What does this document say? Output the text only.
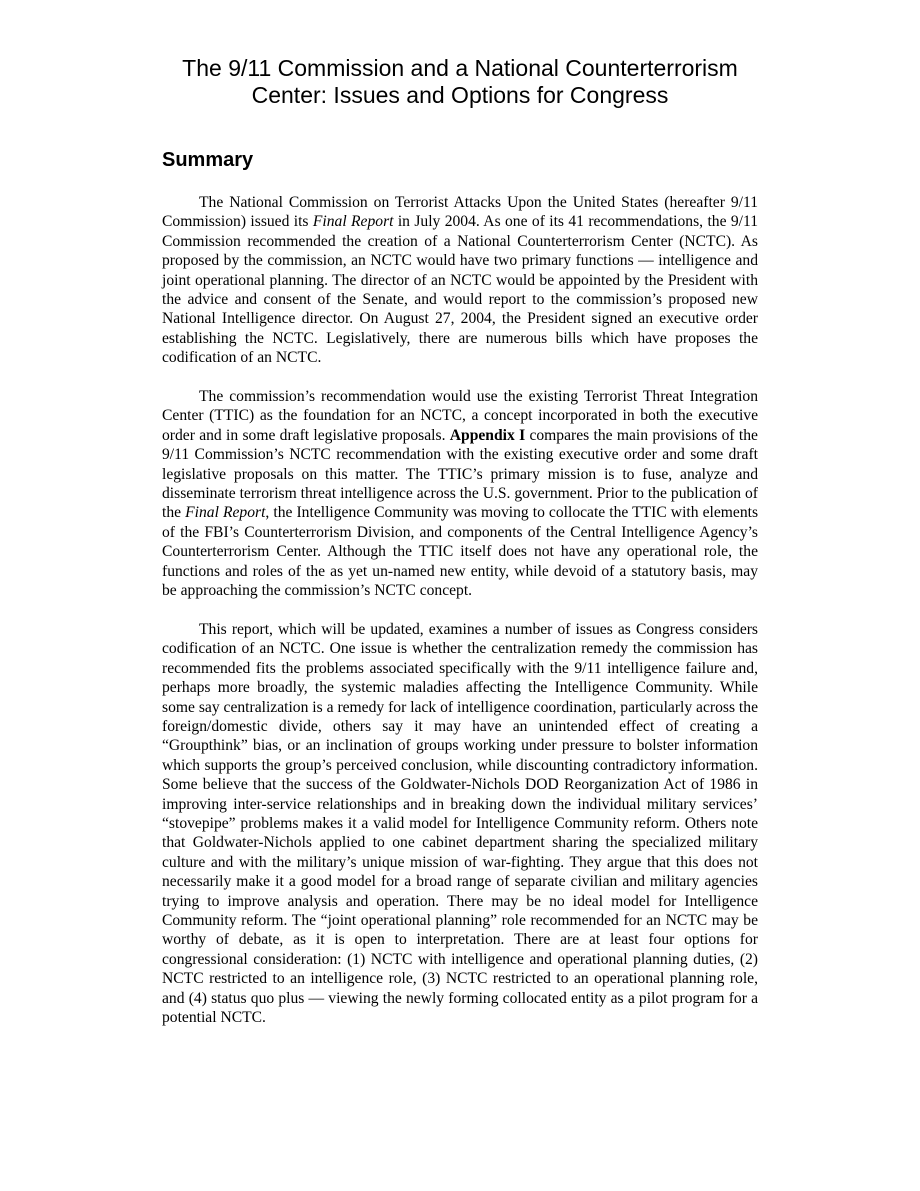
The 9/11 Commission and a National Counterterrorism
Center: Issues and Options for Congress
Summary

The National Commission on Terrorist Attacks Upon the United States (hereafter 9/11 Commission) issued its Final Report in July 2004. As one of its 41 recommendations, the 9/11 Commission recommended the creation of a National Counterterrorism Center (NCTC). As proposed by the commission, an NCTC would have two primary functions — intelligence and joint operational planning. The director of an NCTC would be appointed by the President with the advice and consent of the Senate, and would report to the commission’s proposed new National Intelligence director. On August 27, 2004, the President signed an executive order establishing the NCTC. Legislatively, there are numerous bills which have proposes the codification of an NCTC.

The commission’s recommendation would use the existing Terrorist Threat Integration Center (TTIC) as the foundation for an NCTC, a concept incorporated in both the executive order and in some draft legislative proposals. Appendix I compares the main provisions of the 9/11 Commission’s NCTC recommendation with the existing executive order and some draft legislative proposals on this matter. The TTIC’s primary mission is to fuse, analyze and disseminate terrorism threat intelligence across the U.S. government. Prior to the publication of the Final Report, the Intelligence Community was moving to collocate the TTIC with elements of the FBI’s Counterterrorism Division, and components of the Central Intelligence Agency’s Counterterrorism Center. Although the TTIC itself does not have any operational role, the functions and roles of the as yet un-named new entity, while devoid of a statutory basis, may be approaching the commission’s NCTC concept.

This report, which will be updated, examines a number of issues as Congress considers codification of an NCTC. One issue is whether the centralization remedy the commission has recommended fits the problems associated specifically with the 9/11 intelligence failure and, perhaps more broadly, the systemic maladies affecting the Intelligence Community. While some say centralization is a remedy for lack of intelligence coordination, particularly across the foreign/domestic divide, others say it may have an unintended effect of creating a “Groupthink” bias, or an inclination of groups working under pressure to bolster information which supports the group’s perceived conclusion, while discounting contradictory information. Some believe that the success of the Goldwater-Nichols DOD Reorganization Act of 1986 in improving inter-service relationships and in breaking down the individual military services’ “stovepipe” problems makes it a valid model for Intelligence Community reform. Others note that Goldwater-Nichols applied to one cabinet department sharing the specialized military culture and with the military’s unique mission of war-fighting. They argue that this does not necessarily make it a good model for a broad range of separate civilian and military agencies trying to improve analysis and operation. There may be no ideal model for Intelligence Community reform. The “joint operational planning” role recommended for an NCTC may be worthy of debate, as it is open to interpretation. There are at least four options for congressional consideration: (1) NCTC with intelligence and operational planning duties, (2) NCTC restricted to an intelligence role, (3) NCTC restricted to an operational planning role, and (4) status quo plus — viewing the newly forming collocated entity as a pilot program for a potential NCTC.
